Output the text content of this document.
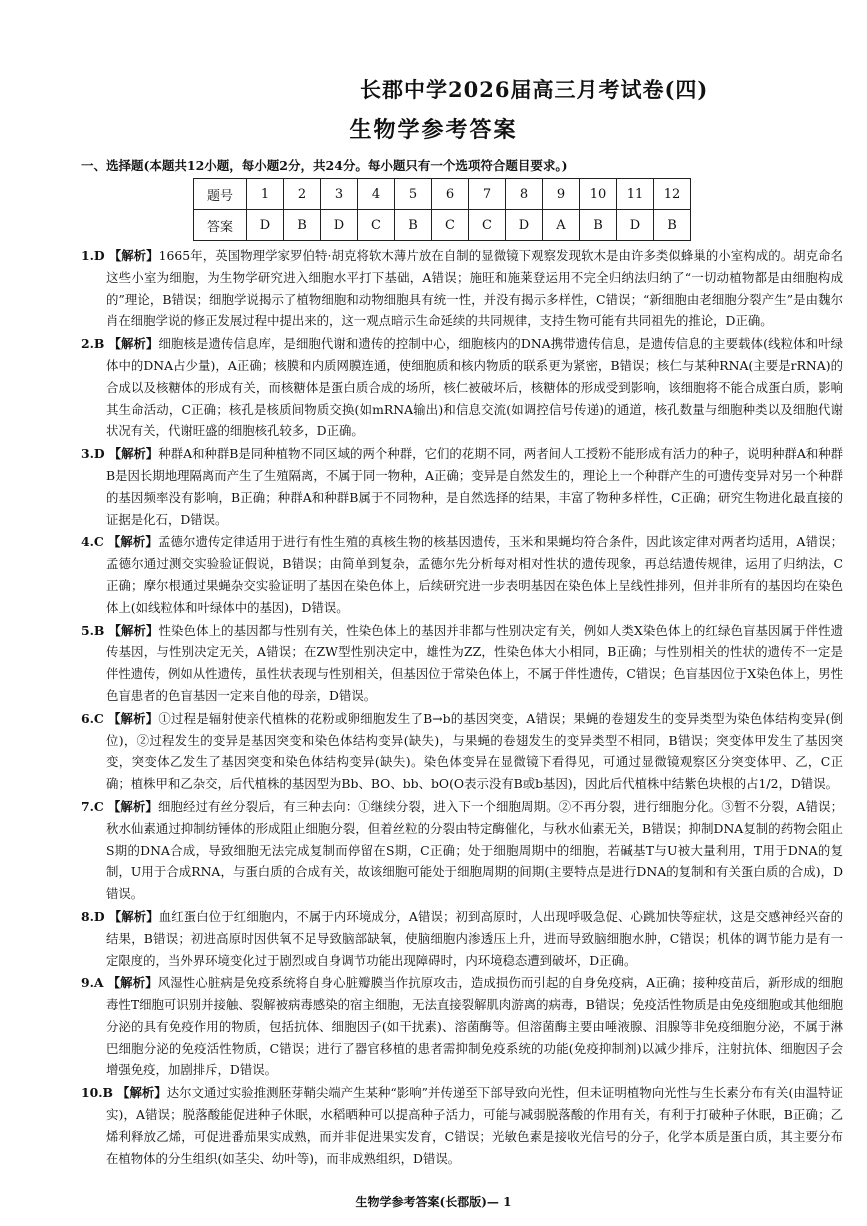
长郡中学2026届高三月考试卷(四)
生物学参考答案
一、选择题(本题共12小题，每小题2分，共24分。每小题只有一个选项符合题目要求。)
题号	1	2	3	4	5	6	7	8	9	10	11	12
答案	D	B	D	C	B	C	C	D	A	B	D	B

1.D 【解析】1665年，英国物理学家罗伯特·胡克将软木薄片放在自制的显微镜下观察发现软木是由许多类似蜂巢的小室构成的。胡克命名这些小室为细胞，为生物学研究进入细胞水平打下基础，A错误；施旺和施莱登运用不完全归纳法归纳了“一切动植物都是由细胞构成的”理论，B错误；细胞学说揭示了植物细胞和动物细胞具有统一性，并没有揭示多样性，C错误；“新细胞由老细胞分裂产生”是由魏尔肖在细胞学说的修正发展过程中提出来的，这一观点暗示生命延续的共同规律，支持生物可能有共同祖先的推论，D正确。

2.B 【解析】细胞核是遗传信息库，是细胞代谢和遗传的控制中心，细胞核内的DNA携带遗传信息，是遗传信息的主要载体(线粒体和叶绿体中的DNA占少量)，A正确；核膜和内质网膜连通，使细胞质和核内物质的联系更为紧密，B错误；核仁与某种RNA(主要是rRNA)的合成以及核糖体的形成有关，而核糖体是蛋白质合成的场所，核仁被破坏后，核糖体的形成受到影响，该细胞将不能合成蛋白质，影响其生命活动，C正确；核孔是核质间物质交换(如mRNA输出)和信息交流(如调控信号传递)的通道，核孔数量与细胞种类以及细胞代谢状况有关，代谢旺盛的细胞核孔较多，D正确。

3.D 【解析】种群A和种群B是同种植物不同区域的两个种群，它们的花期不同，两者间人工授粉不能形成有活力的种子，说明种群A和种群B是因长期地理隔离而产生了生殖隔离，不属于同一物种，A正确；变异是自然发生的，理论上一个种群产生的可遗传变异对另一个种群的基因频率没有影响，B正确；种群A和种群B属于不同物种，是自然选择的结果，丰富了物种多样性，C正确；研究生物进化最直接的证据是化石，D错误。

4.C 【解析】孟德尔遗传定律适用于进行有性生殖的真核生物的核基因遗传，玉米和果蝇均符合条件，因此该定律对两者均适用，A错误；孟德尔通过测交实验验证假说，B错误；由简单到复杂，孟德尔先分析每对相对性状的遗传现象，再总结遗传规律，运用了归纳法，C正确；摩尔根通过果蝇杂交实验证明了基因在染色体上，后续研究进一步表明基因在染色体上呈线性排列，但并非所有的基因均在染色体上(如线粒体和叶绿体中的基因)，D错误。

5.B 【解析】性染色体上的基因都与性别有关，性染色体上的基因并非都与性别决定有关，例如人类X染色体上的红绿色盲基因属于伴性遗传基因，与性别决定无关，A错误；在ZW型性别决定中，雄性为ZZ，性染色体大小相同，B正确；与性别相关的性状的遗传不一定是伴性遗传，例如从性遗传，虽性状表现与性别相关，但基因位于常染色体上，不属于伴性遗传，C错误；色盲基因位于X染色体上，男性色盲患者的色盲基因一定来自他的母亲，D错误。

6.C 【解析】①过程是辐射使亲代植株的花粉或卵细胞发生了B→b的基因突变，A错误；果蝇的卷翅发生的变异类型为染色体结构变异(倒位)，②过程发生的变异是基因突变和染色体结构变异(缺失)，与果蝇的卷翅发生的变异类型不相同，B错误；突变体甲发生了基因突变，突变体乙发生了基因突变和染色体结构变异(缺失)。染色体变异在显微镜下看得见，可通过显微镜观察区分突变体甲、乙，C正确；植株甲和乙杂交，后代植株的基因型为Bb、BO、bb、bO(O表示没有B或b基因)，因此后代植株中结紫色块根的占1/2，D错误。

7.C 【解析】细胞经过有丝分裂后，有三种去向：①继续分裂，进入下一个细胞周期。②不再分裂，进行细胞分化。③暂不分裂，A错误；秋水仙素通过抑制纺锤体的形成阻止细胞分裂，但着丝粒的分裂由特定酶催化，与秋水仙素无关，B错误；抑制DNA复制的药物会阻止S期的DNA合成，导致细胞无法完成复制而停留在S期，C正确；处于细胞周期中的细胞，若碱基T与U被大量利用，T用于DNA的复制，U用于合成RNA，与蛋白质的合成有关，故该细胞可能处于细胞周期的间期(主要特点是进行DNA的复制和有关蛋白质的合成)，D错误。

8.D 【解析】血红蛋白位于红细胞内，不属于内环境成分，A错误；初到高原时，人出现呼吸急促、心跳加快等症状，这是交感神经兴奋的结果，B错误；初进高原时因供氧不足导致脑部缺氧，使脑细胞内渗透压上升，进而导致脑细胞水肿，C错误；机体的调节能力是有一定限度的，当外界环境变化过于剧烈或自身调节功能出现障碍时，内环境稳态遭到破坏，D正确。

9.A 【解析】风湿性心脏病是免疫系统将自身心脏瓣膜当作抗原攻击，造成损伤而引起的自身免疫病，A正确；接种疫苗后，新形成的细胞毒性T细胞可识别并接触、裂解被病毒感染的宿主细胞，无法直接裂解肌肉游离的病毒，B错误；免疫活性物质是由免疫细胞或其他细胞分泌的具有免疫作用的物质，包括抗体、细胞因子(如干扰素)、溶菌酶等。但溶菌酶主要由唾液腺、泪腺等非免疫细胞分泌，不属于淋巴细胞分泌的免疫活性物质，C错误；进行了器官移植的患者需抑制免疫系统的功能(免疫抑制剂)以减少排斥，注射抗体、细胞因子会增强免疫，加剧排斥，D错误。

10.B 【解析】达尔文通过实验推测胚芽鞘尖端产生某种“影响”并传递至下部导致向光性，但未证明植物向光性与生长素分布有关(由温特证实)，A错误；脱落酸能促进种子休眠，水稻晒种可以提高种子活力，可能与减弱脱落酸的作用有关，有利于打破种子休眠，B正确；乙烯利释放乙烯，可促进番茄果实成熟，而并非促进果实发育，C错误；光敏色素是接收光信号的分子，化学本质是蛋白质，其主要分布在植物体的分生组织(如茎尖、幼叶等)，而非成熟组织，D错误。

生物学参考答案(长郡版)— 1
